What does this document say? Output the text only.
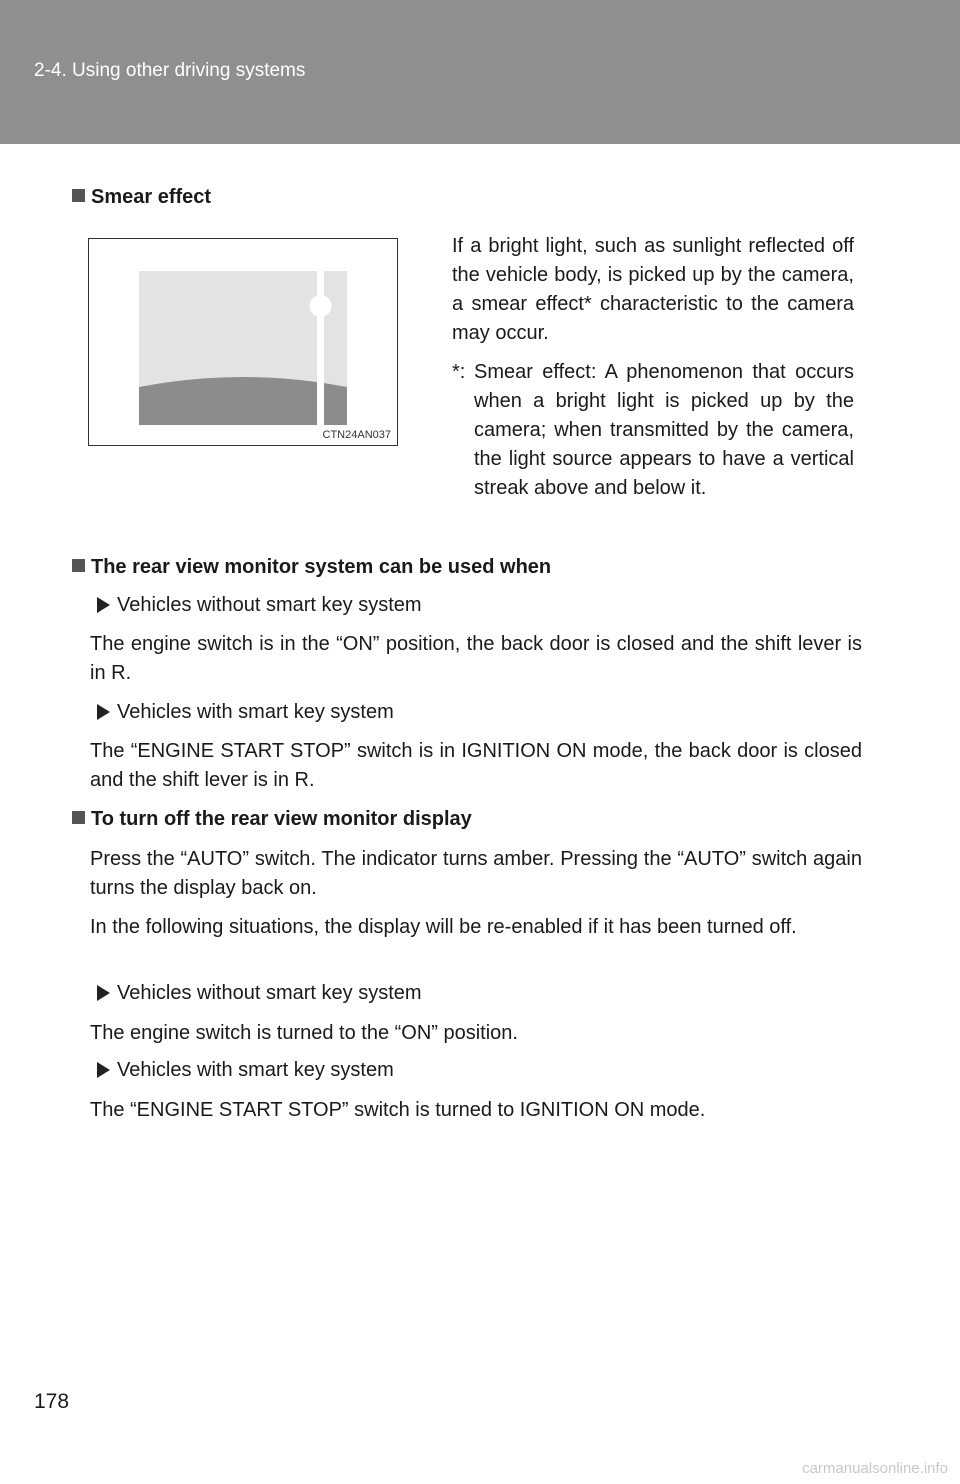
2-4. Using other driving systems
Smear effect
CTN24AN037
If a bright light, such as sunlight reflected off the vehicle body, is picked up by the camera, a smear effect* characteristic to the camera may occur.
*: Smear effect: A phenomenon that occurs when a bright light is picked up by the camera; when transmitted by the camera, the light source appears to have a vertical streak above and below it.
The rear view monitor system can be used when
Vehicles without smart key system
The engine switch is in the “ON” position, the back door is closed and the shift lever is in R.
Vehicles with smart key system
The “ENGINE START STOP” switch is in IGNITION ON mode, the back door is closed and the shift lever is in R.
To turn off the rear view monitor display
Press the “AUTO” switch. The indicator turns amber. Pressing the “AUTO” switch again turns the display back on.
In the following situations, the display will be re-enabled if it has been turned off.
Vehicles without smart key system
The engine switch is turned to the “ON” position.
Vehicles with smart key system
The “ENGINE START STOP” switch is turned to IGNITION ON mode.
178
carmanualsonline.info
